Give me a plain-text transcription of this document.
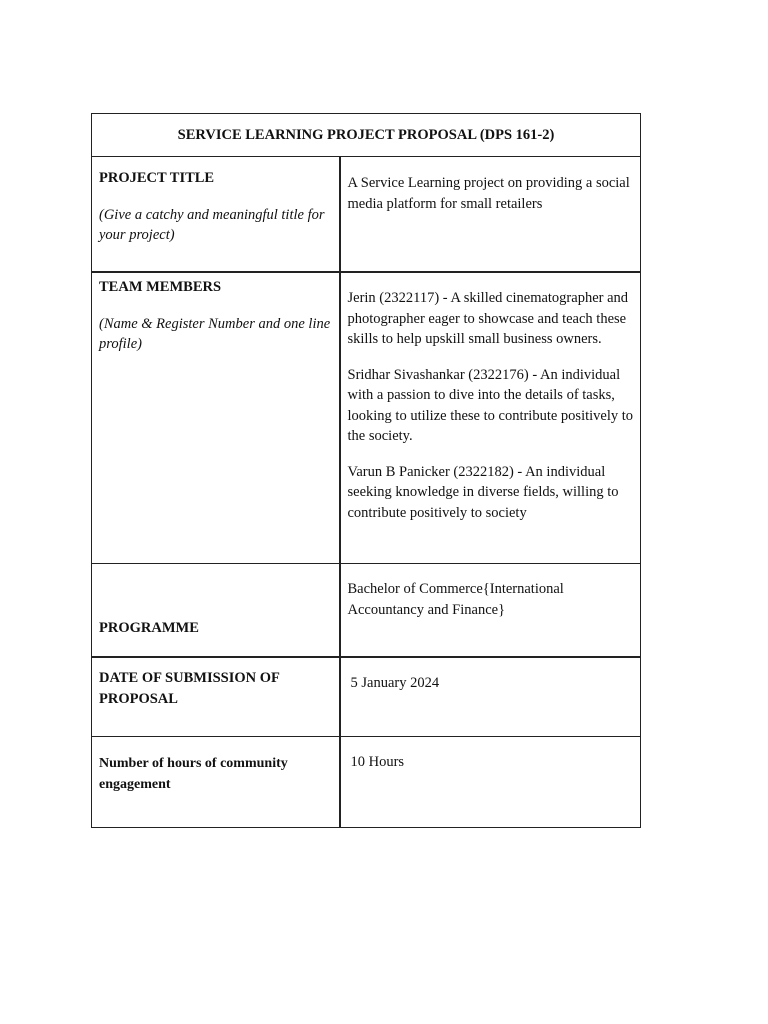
SERVICE LEARNING PROJECT PROPOSAL (DPS 161-2)	

PROJECT TITLE
(Give a catchy and meaningful title for your project)	A Service Learning project on providing a social media platform for small retailers

TEAM MEMBERS
(Name & Register Number and one line profile)	Jerin (2322117) - A skilled cinematographer and photographer eager to showcase and teach these skills to help upskill small business owners.
Sridhar Sivashankar (2322176) - An individual with a passion to dive into the details of tasks, looking to utilize these to contribute positively to the society.
Varun B Panicker (2322182) - An individual seeking knowledge in diverse fields, willing to contribute positively to society

PROGRAMME	Bachelor of Commerce{International Accountancy and Finance}

DATE OF SUBMISSION OF PROPOSAL	5 January 2024

Number of hours of community engagement	10 Hours
